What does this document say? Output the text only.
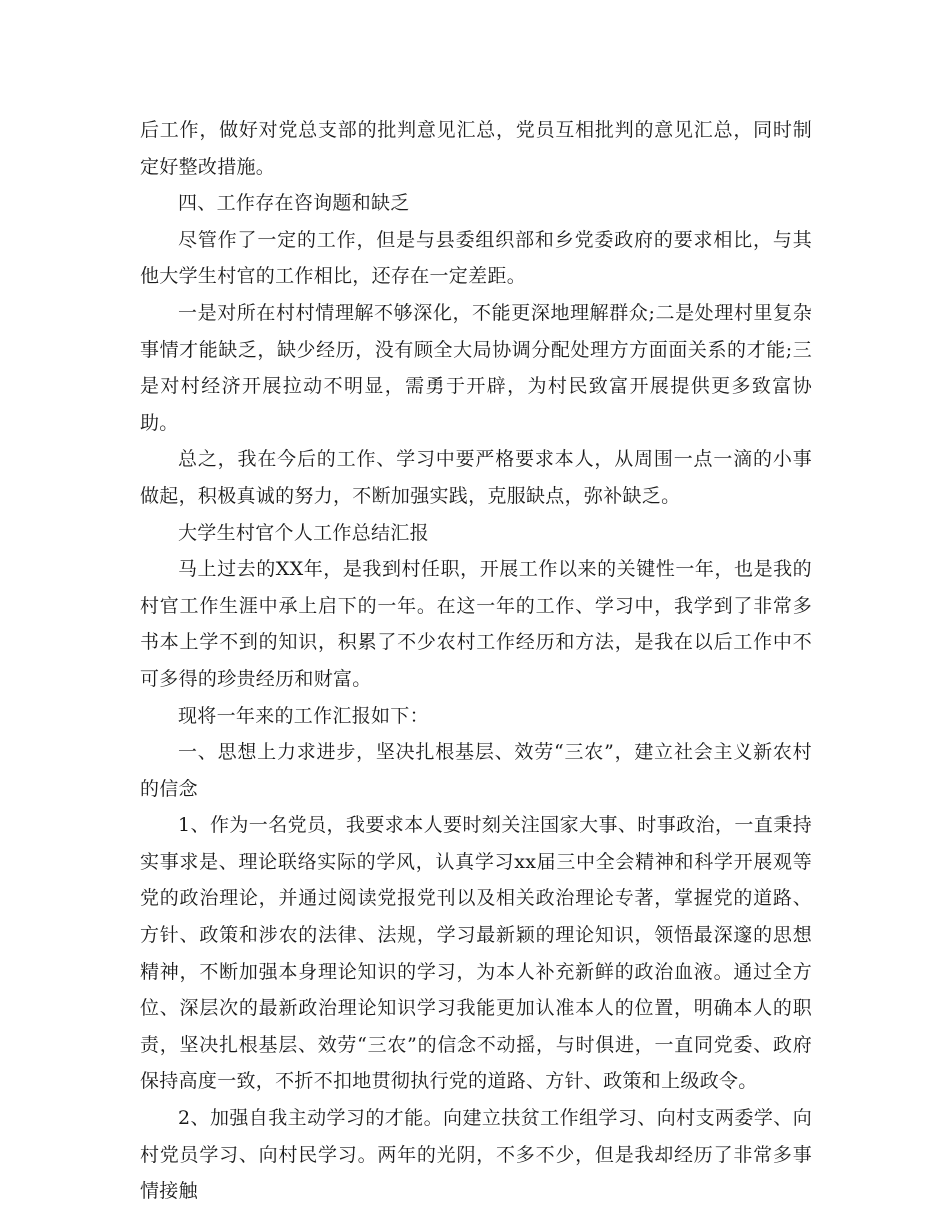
后工作，做好对党总支部的批判意见汇总，党员互相批判的意见汇总，同时制定好整改措施。

四、工作存在咨询题和缺乏

尽管作了一定的工作，但是与县委组织部和乡党委政府的要求相比，与其他大学生村官的工作相比，还存在一定差距。

一是对所在村村情理解不够深化，不能更深地理解群众;二是处理村里复杂事情才能缺乏，缺少经历，没有顾全大局协调分配处理方方面面关系的才能;三是对村经济开展拉动不明显，需勇于开辟，为村民致富开展提供更多致富协助。

总之，我在今后的工作、学习中要严格要求本人，从周围一点一滴的小事做起，积极真诚的努力，不断加强实践，克服缺点，弥补缺乏。

大学生村官个人工作总结汇报

马上过去的XX年，是我到村任职，开展工作以来的关键性一年，也是我的村官工作生涯中承上启下的一年。在这一年的工作、学习中，我学到了非常多书本上学不到的知识，积累了不少农村工作经历和方法，是我在以后工作中不可多得的珍贵经历和财富。

现将一年来的工作汇报如下：

一、思想上力求进步，坚决扎根基层、效劳“三农”，建立社会主义新农村的信念

1、作为一名党员，我要求本人要时刻关注国家大事、时事政治，一直秉持实事求是、理论联络实际的学风，认真学习xx届三中全会精神和科学开展观等党的政治理论，并通过阅读党报党刊以及相关政治理论专著，掌握党的道路、方针、政策和涉农的法律、法规，学习最新颖的理论知识，领悟最深邃的思想精神，不断加强本身理论知识的学习，为本人补充新鲜的政治血液。通过全方位、深层次的最新政治理论知识学习我能更加认准本人的位置，明确本人的职责，坚决扎根基层、效劳“三农”的信念不动摇，与时俱进，一直同党委、政府保持高度一致，不折不扣地贯彻执行党的道路、方针、政策和上级政令。

2、加强自我主动学习的才能。向建立扶贫工作组学习、向村支两委学、向村党员学习、向村民学习。两年的光阴，不多不少，但是我却经历了非常多事情接触
